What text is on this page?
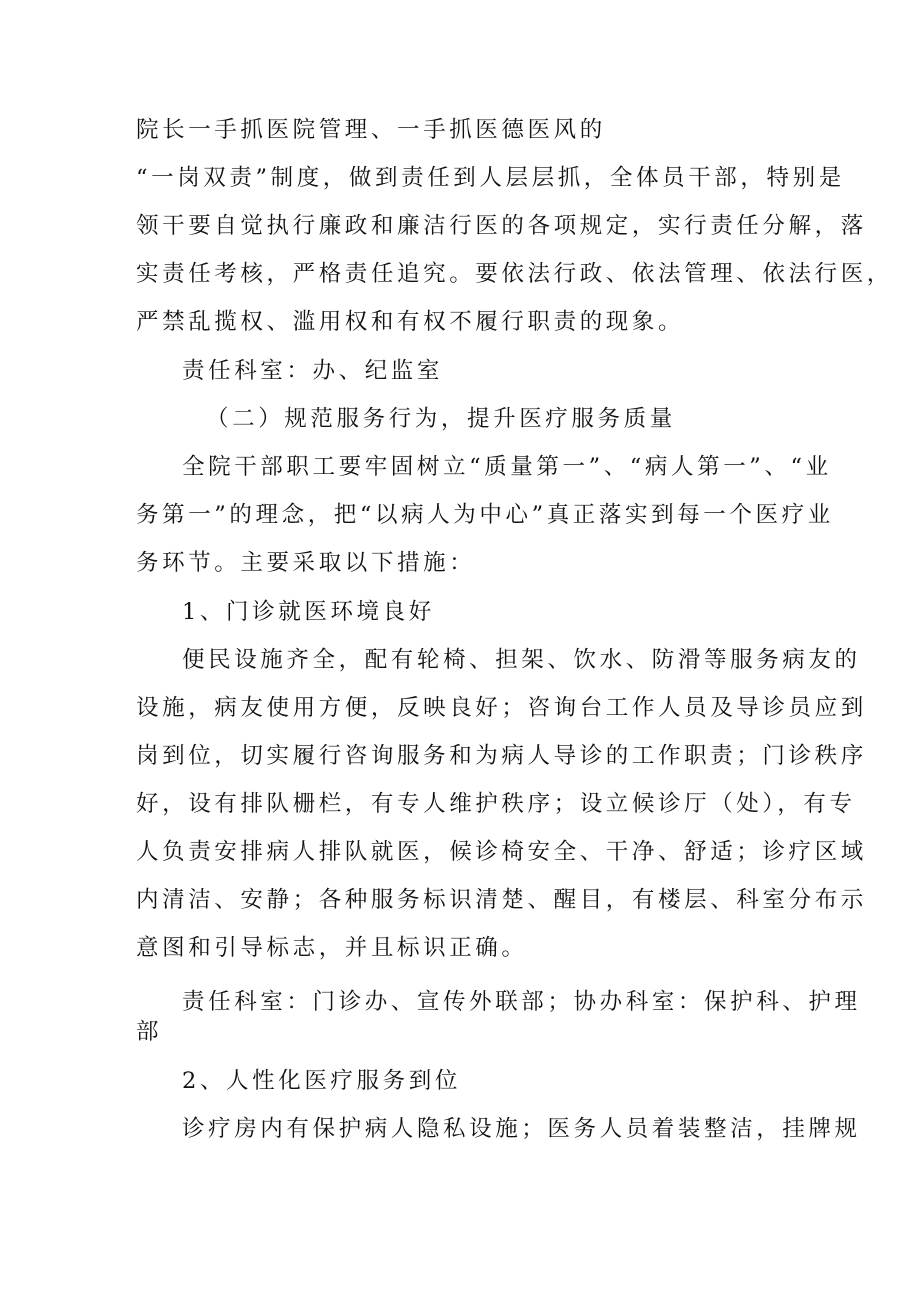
院长一手抓医院管理、一手抓医德医风的
“一岗双责”制度，做到责任到人层层抓，全体员干部，特别是
领干要自觉执行廉政和廉洁行医的各项规定，实行责任分解，落
实责任考核，严格责任追究。要依法行政、依法管理、依法行医，
严禁乱揽权、滥用权和有权不履行职责的现象。
责任科室：办、纪监室
（二）规范服务行为，提升医疗服务质量
全院干部职工要牢固树立“质量第一”、“病人第一”、“业
务第一”的理念，把“以病人为中心”真正落实到每一个医疗业
务环节。主要采取以下措施：
1、门诊就医环境良好
便民设施齐全，配有轮椅、担架、饮水、防滑等服务病友的
设施，病友使用方便，反映良好；咨询台工作人员及导诊员应到
岗到位，切实履行咨询服务和为病人导诊的工作职责；门诊秩序
好，设有排队栅栏，有专人维护秩序；设立候诊厅（处），有专
人负责安排病人排队就医，候诊椅安全、干净、舒适；诊疗区域
内清洁、安静；各种服务标识清楚、醒目，有楼层、科室分布示
意图和引导标志，并且标识正确。
责任科室：门诊办、宣传外联部；协办科室：保护科、护理
部
2、人性化医疗服务到位
诊疗房内有保护病人隐私设施；医务人员着装整洁，挂牌规
